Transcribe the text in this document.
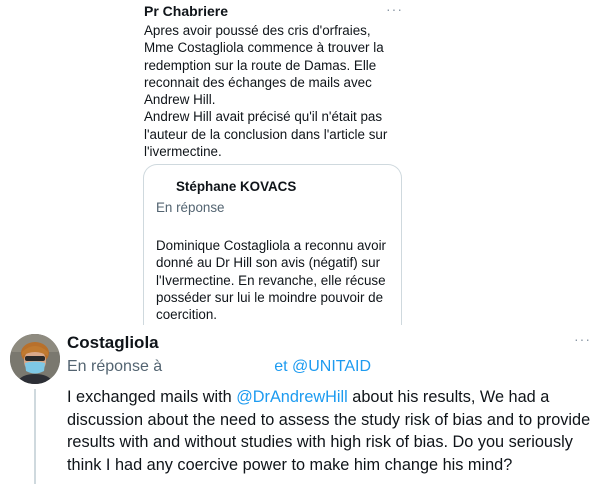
Pr Chabriere	···

Apres avoir poussé des cris d'orfraies,

Mme Costagliola commence à trouver la

redemption sur la route de Damas. Elle

reconnait des échanges de mails avec

Andrew Hill.

Andrew Hill avait précisé qu'il n'était pas

l'auteur de la conclusion dans l'article sur

l'ivermectine.

Stéphane KOVACS
En réponse

Dominique Costagliola a reconnu avoir

donné au Dr Hill son avis (négatif) sur

l'Ivermectine. En revanche, elle récuse

posséder sur lui le moindre pouvoir de

coercition.

Costagliola	···
En réponse à	et @UNITAID
I exchanged mails with @DrAndrewHill about his results, We had a discussion about the need to assess the study risk of bias and to provide results with and without studies with high risk of bias. Do you seriously think I had any coercive power to make him change his mind?
